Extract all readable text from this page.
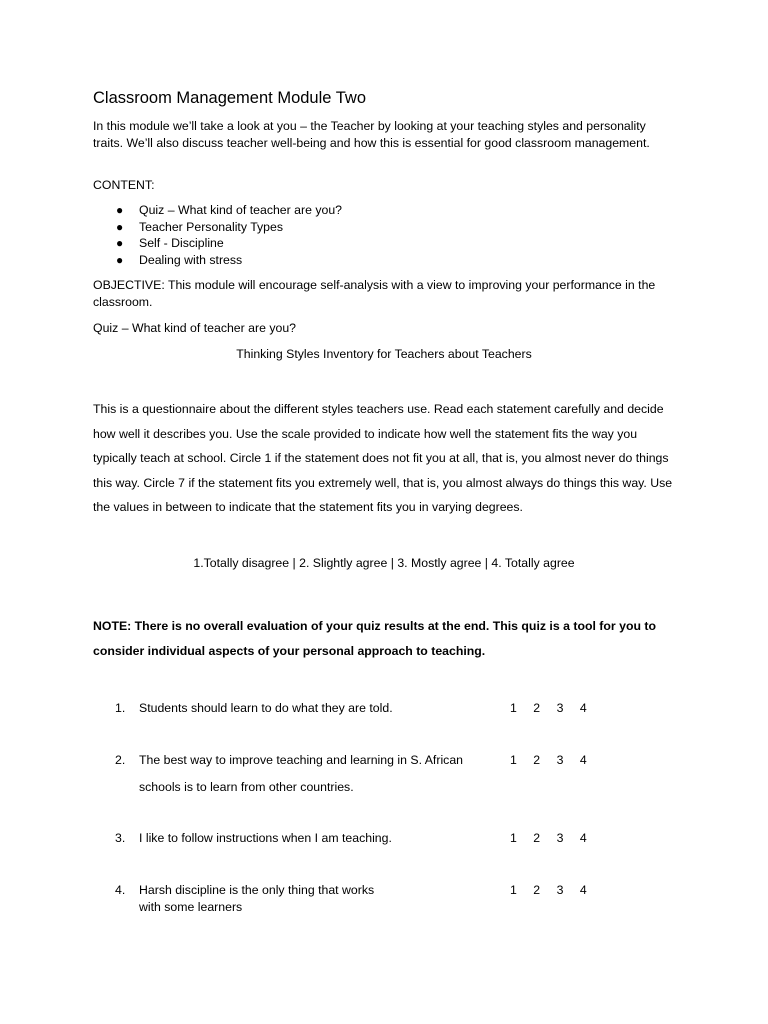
Classroom Management Module Two
In this module we’ll take a look at you – the Teacher by looking at your teaching styles and personality traits. We’ll also discuss teacher well-being and how this is essential for good classroom management.
CONTENT:
● Quiz – What kind of teacher are you?
● Teacher Personality Types
● Self - Discipline
● Dealing with stress
OBJECTIVE: This module will encourage self-analysis with a view to improving your performance in the classroom.
Quiz – What kind of teacher are you?
Thinking Styles Inventory for Teachers about Teachers
This is a questionnaire about the different styles teachers use. Read each statement carefully and decide how well it describes you. Use the scale provided to indicate how well the statement fits the way you typically teach at school. Circle 1 if the statement does not fit you at all, that is, you almost never do things this way. Circle 7 if the statement fits you extremely well, that is, you almost always do things this way. Use the values in between to indicate that the statement fits you in varying degrees.
1.Totally disagree | 2. Slightly agree | 3. Mostly agree | 4. Totally agree
NOTE: There is no overall evaluation of your quiz results at the end. This quiz is a tool for you to consider individual aspects of your personal approach to teaching.
1. Students should learn to do what they are told.	1 2 3 4
2. The best way to improve teaching and learning in S. African schools is to learn from other countries.
1 2 3 4
3. I like to follow instructions when I am teaching.	1 2 3 4
4. Harsh discipline is the only thing that works with some learners
1 2 3 4
